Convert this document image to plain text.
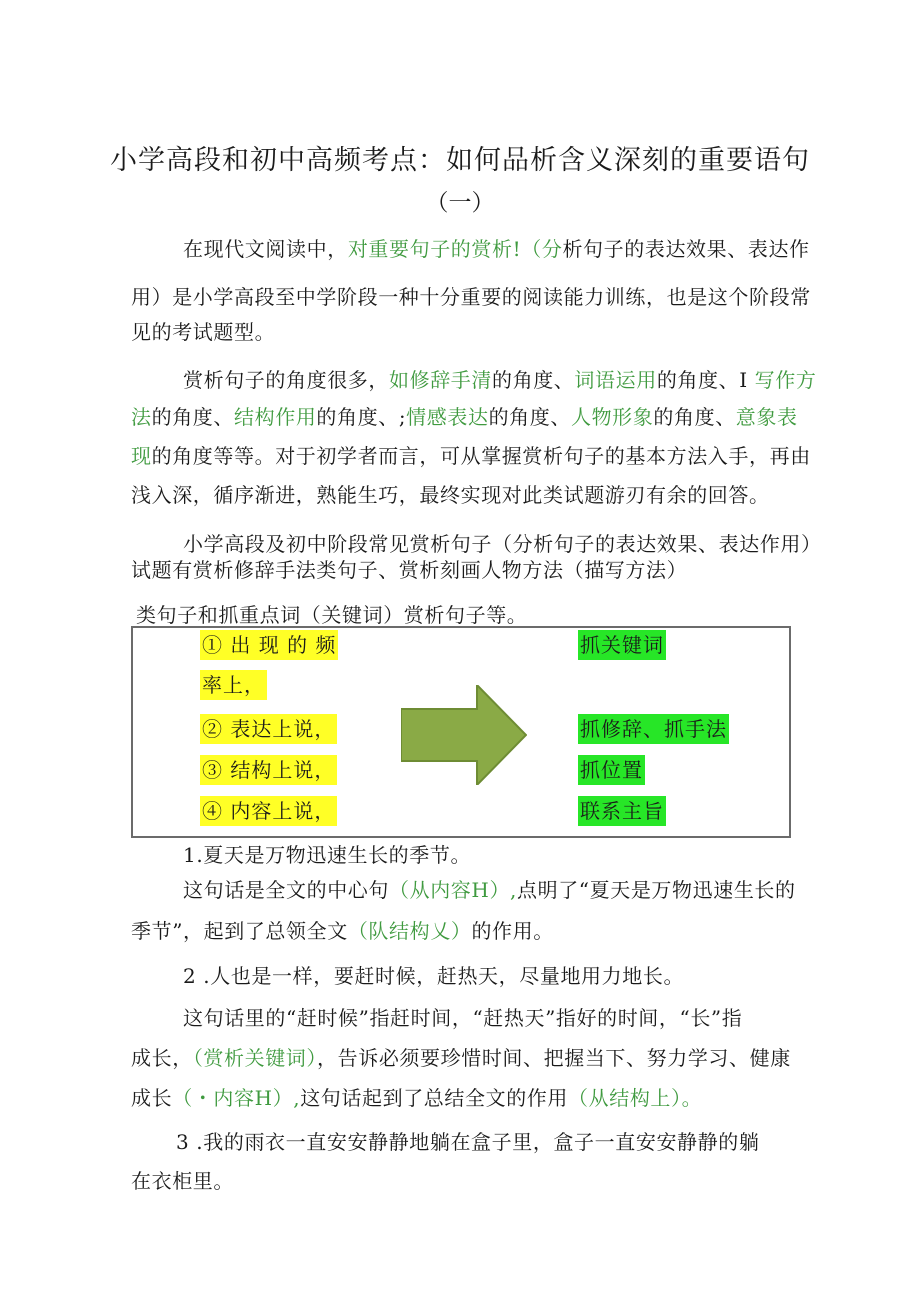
小学高段和初中高频考点：如何品析含义深刻的重要语句
（一）
在现代文阅读中，对重要句子的赏析!（分析句子的表达效果、表达作
用）是小学高段至中学阶段一种十分重要的阅读能力训练，也是这个阶段常
见的考试题型。
赏析句子的角度很多，如修辞手清的角度、词语运用的角度、I 写作方
法的角度、结构作用的角度、;情感表达的角度、人物形象的角度、意象表
现的角度等等。对于初学者而言，可从掌握赏析句子的基本方法入手，再由
浅入深，循序渐进，熟能生巧，最终实现对此类试题游刃有余的回答。
小学高段及初中阶段常见赏析句子（分析句子的表达效果、表达作用）
试题有赏析修辞手法类句子、赏析刻画人物方法（描写方法）
类句子和抓重点词（关键词）赏析句子等。
① 出 现 的 频
率上，
② 表达上说，
③ 结构上说，
④ 内容上说，
抓关键词
抓修辞、抓手法
抓位置
联系主旨
1.夏天是万物迅速生长的季节。
这句话是全文的中心句（从内容H）,点明了“夏天是万物迅速生长的
季节”，起到了总领全文（队结构乂）的作用。
2 .人也是一样，要赶时候，赶热天，尽量地用力地长。
这句话里的“赶时候”指赶时间，“赶热天”指好的时间，“长”指
成长，（赏析关键词），告诉必须要珍惜时间、把握当下、努力学习、健康
成长（・内容H）,这句话起到了总结全文的作用（从结构上）。
3 .我的雨衣一直安安静静地躺在盒子里，盒子一直安安静静的躺
在衣柜里。
